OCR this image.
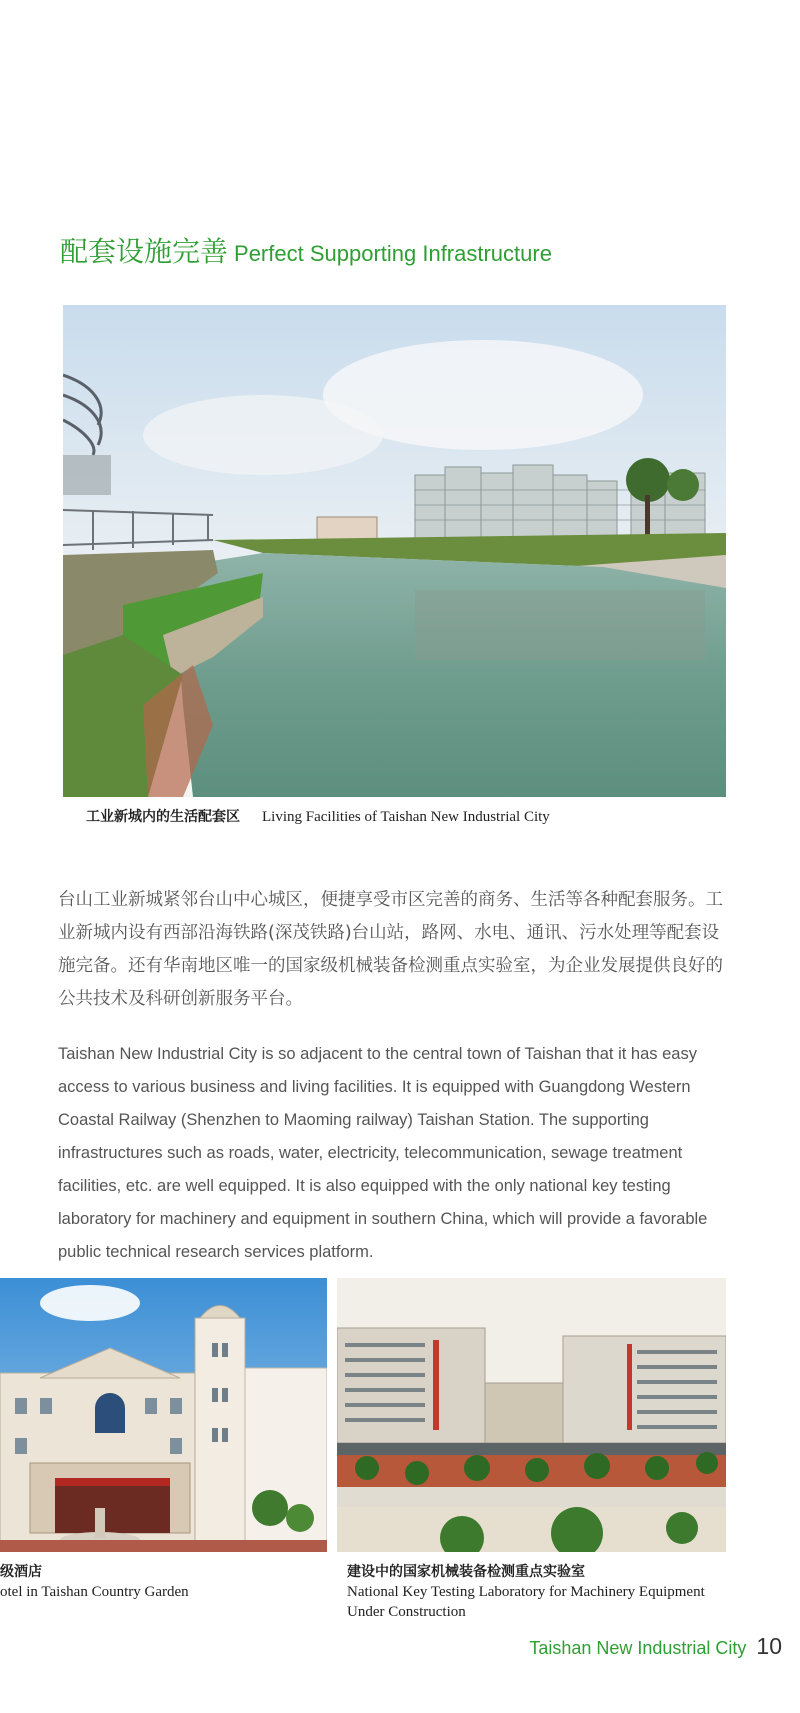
配套设施完善 Perfect Supporting Infrastructure
工业新城内的生活配套区 Living Facilities of Taishan New Industrial City

台山工业新城紧邻台山中心城区，便捷享受市区完善的商务、生活等各种配套服务。工业新城内设有西部沿海铁路(深茂铁路)台山站，路网、水电、通讯、污水处理等配套设施完备。还有华南地区唯一的国家级机械装备检测重点实验室，为企业发展提供良好的公共技术及科研创新服务平台。

Taishan New Industrial City is so adjacent to the central town of Taishan that it has easy access to various business and living facilities. It is equipped with Guangdong Western Coastal Railway (Shenzhen to Maoming railway) Taishan Station. The supporting infrastructures such as roads, water, electricity, telecommunication, sewage treatment facilities, etc. are well equipped. It is also equipped with the only national key testing laboratory for machinery and equipment in southern China, which will provide a favorable public technical research services platform.

级酒店
otel in Taishan Country Garden
建设中的国家机械装备检测重点实验室
National Key Testing Laboratory for Machinery Equipment Under Construction
Taishan New Industrial City 10
